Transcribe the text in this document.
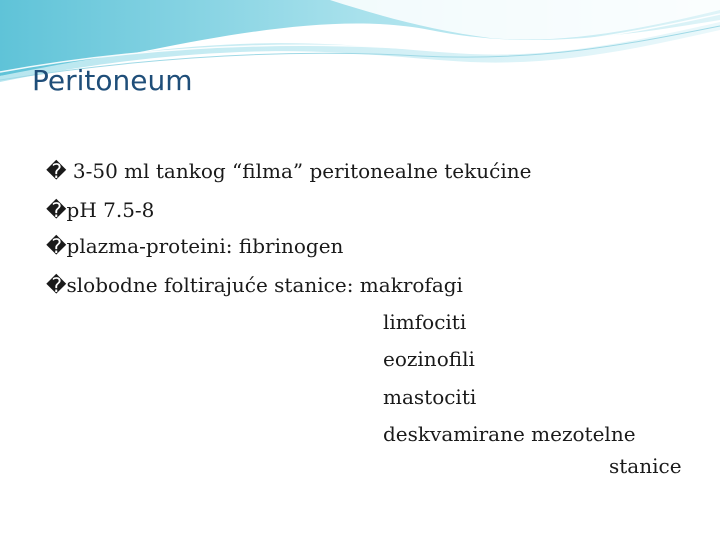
Peritoneum
� 3-50 ml tankog “filma” peritonealne tekućine
�pH 7.5-8
�plazma-proteini: fibrinogen
�slobodne foltirajuće stanice: makrofagi
limfociti
eozinofili
mastociti
deskvamirane mezotelne
stanice
